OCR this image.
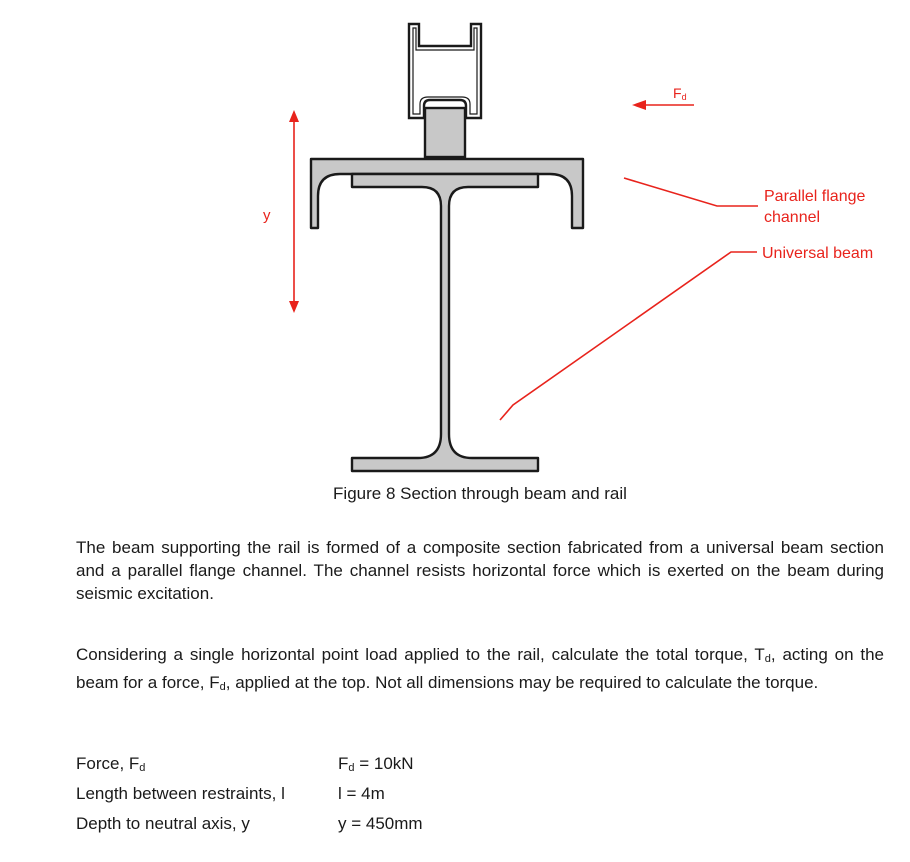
Fd
y
Parallel flange
channel
Universal beam
Figure 8 Section through beam and rail
The beam supporting the rail is formed of a composite section fabricated from a universal beam section and a parallel flange channel. The channel resists horizontal force which is exerted on the beam during seismic excitation.
Considering a single horizontal point load applied to the rail, calculate the total torque, $T_d$, acting on the beam for a force, $F_d$, applied at the top. Not all dimensions may be required to calculate the torque.
Force, $F_d$	$F_d = 10kN$
Length between restraints, l	l = 4m
Depth to neutral axis, y	y = 450mm
